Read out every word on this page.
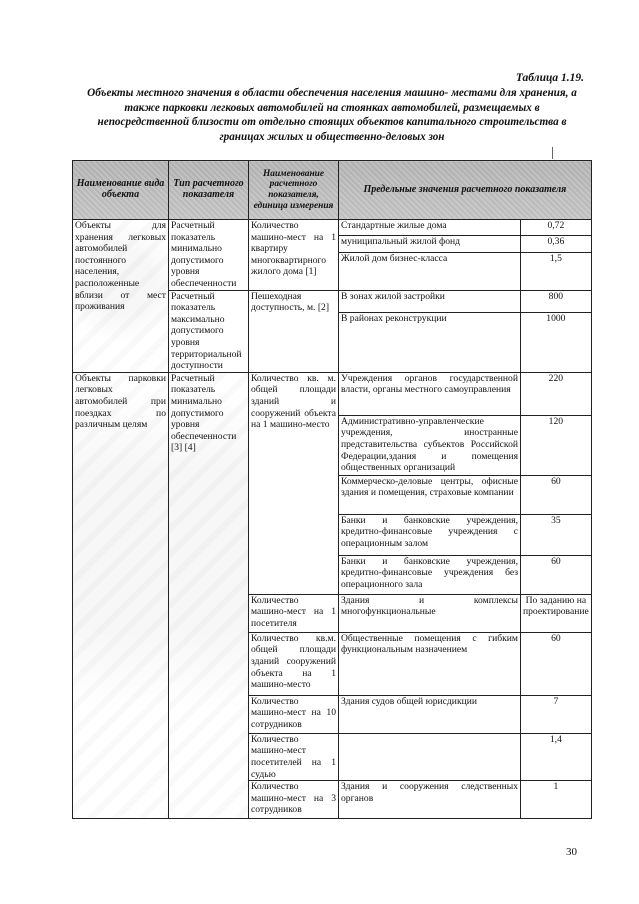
Таблица 1.19.
Объекты местного значения в области обеспечения населения машино- местами для хранения, а также парковки легковых автомобилей на стоянках автомобилей, размещаемых в непосредственной близости от отдельно стоящих объектов капитального строительства в границах жилых и общественно-деловых зон
Наименование вида объекта	Тип расчетного показателя	Наименование расчетного показателя, единица измерения	Предельные значения расчетного показателя	
Объекты для хранения легковых автомобилей постоянного населения, расположенные вблизи от мест проживания	Расчетный показатель минимально допустимого уровня обеспеченности	Количество машино-мест на 1 квартиру многоквартирного жилого дома [1]	Стандартные жилые дома	0,72
			муниципальный жилой фонд	0,36
			Жилой дом бизнес-класса	1,5
	Расчетный показатель максимально допустимого уровня территориальной доступности	Пешеходная доступность, м. [2]	В зонах жилой застройки	800
			В районах реконструкции	1000
Объекты парковки легковых автомобилей при поездках по различным целям	Расчетный показатель минимально допустимого уровня обеспеченности [3] [4]	Количество кв. м. общей площади зданий и сооружений объекта на 1 машино-место	Учреждения органов государственной власти, органы местного самоуправления	220
			Административно-управленческие учреждения, иностранные представительства субъектов Российской Федерации,здания и помещения общественных организаций	120
			Коммерческо-деловые центры, офисные здания и помещения, страховые компании	60
			Банки и банковские учреждения, кредитно-финансовые учреждения с операционным залом	35
			Банки и банковские учреждения, кредитно-финансовые учреждения без операционного зала	60
		Количество машино-мест на 1 посетителя	Здания и комплексы многофункциональные	По заданию на проектирование
		Количество кв.м. общей площади зданий сооружений объекта на 1 машино-место	Общественные помещения с гибким функциональным назначением	60
		Количество машино-мест на 10 сотрудников	Здания судов общей юрисдикции	7
		Количество машино-мест посетителей на 1 судью		1,4
		Количество машино-мест на 3 сотрудников	Здания и сооружения следственных органов	1
30
